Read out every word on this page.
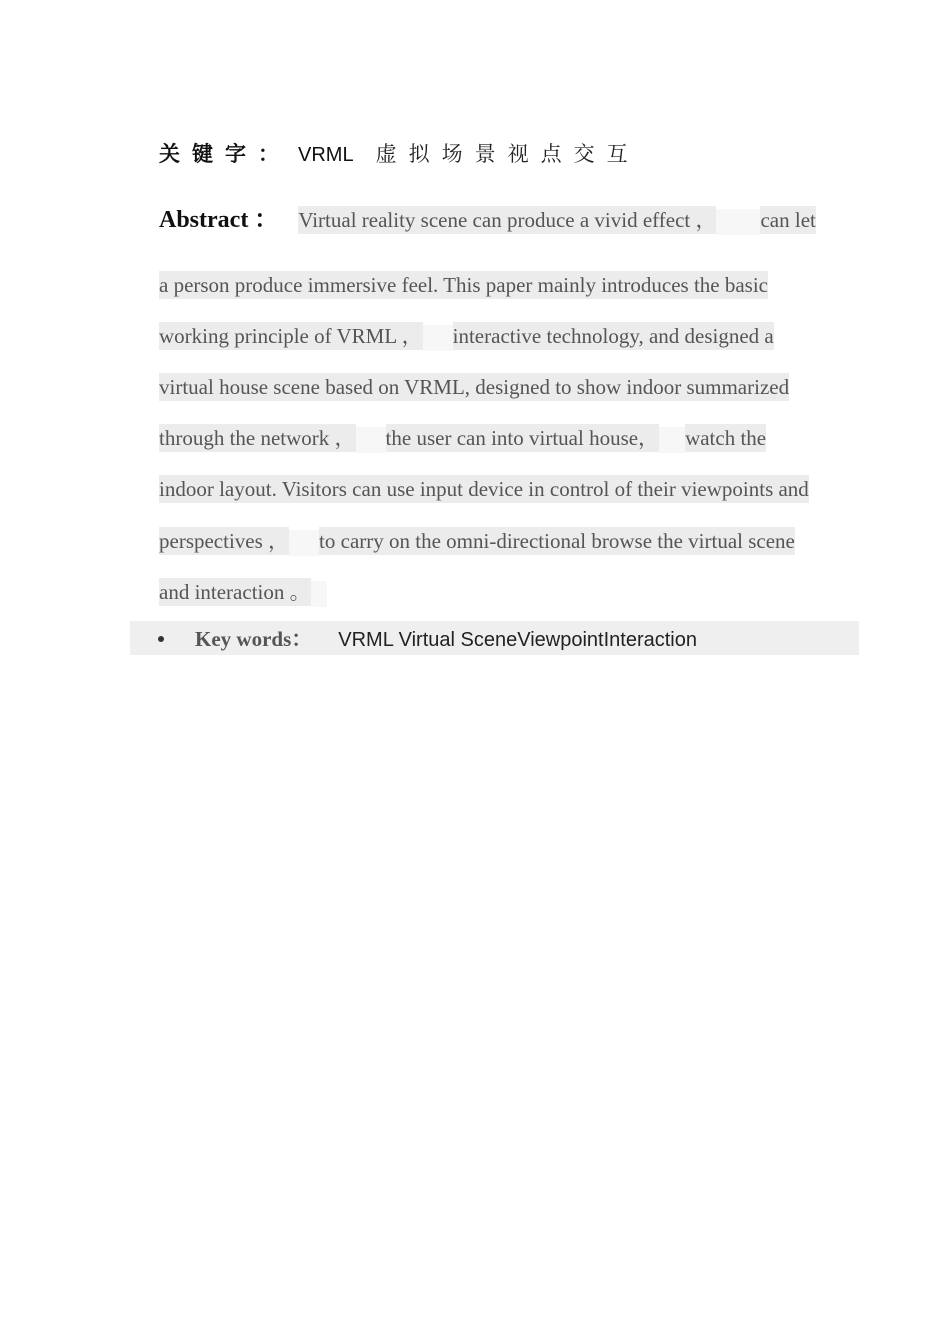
关键字： VRML 虚拟场景视点交互
Abstract ： Virtual reality scene can produce a vivid effect ， can let
a person produce immersive feel. This paper mainly introduces the basic
working principle of VRML ， interactive technology, and designed a
virtual house scene based on VRML, designed to show indoor summarized
through the network ， the user can into virtual house， watch the
indoor layout. Visitors can use input device in control of their viewpoints and
perspectives ， to carry on the omni-directional browse the virtual scene
and interaction 。
Key words： VRML Virtual SceneViewpointInteraction
